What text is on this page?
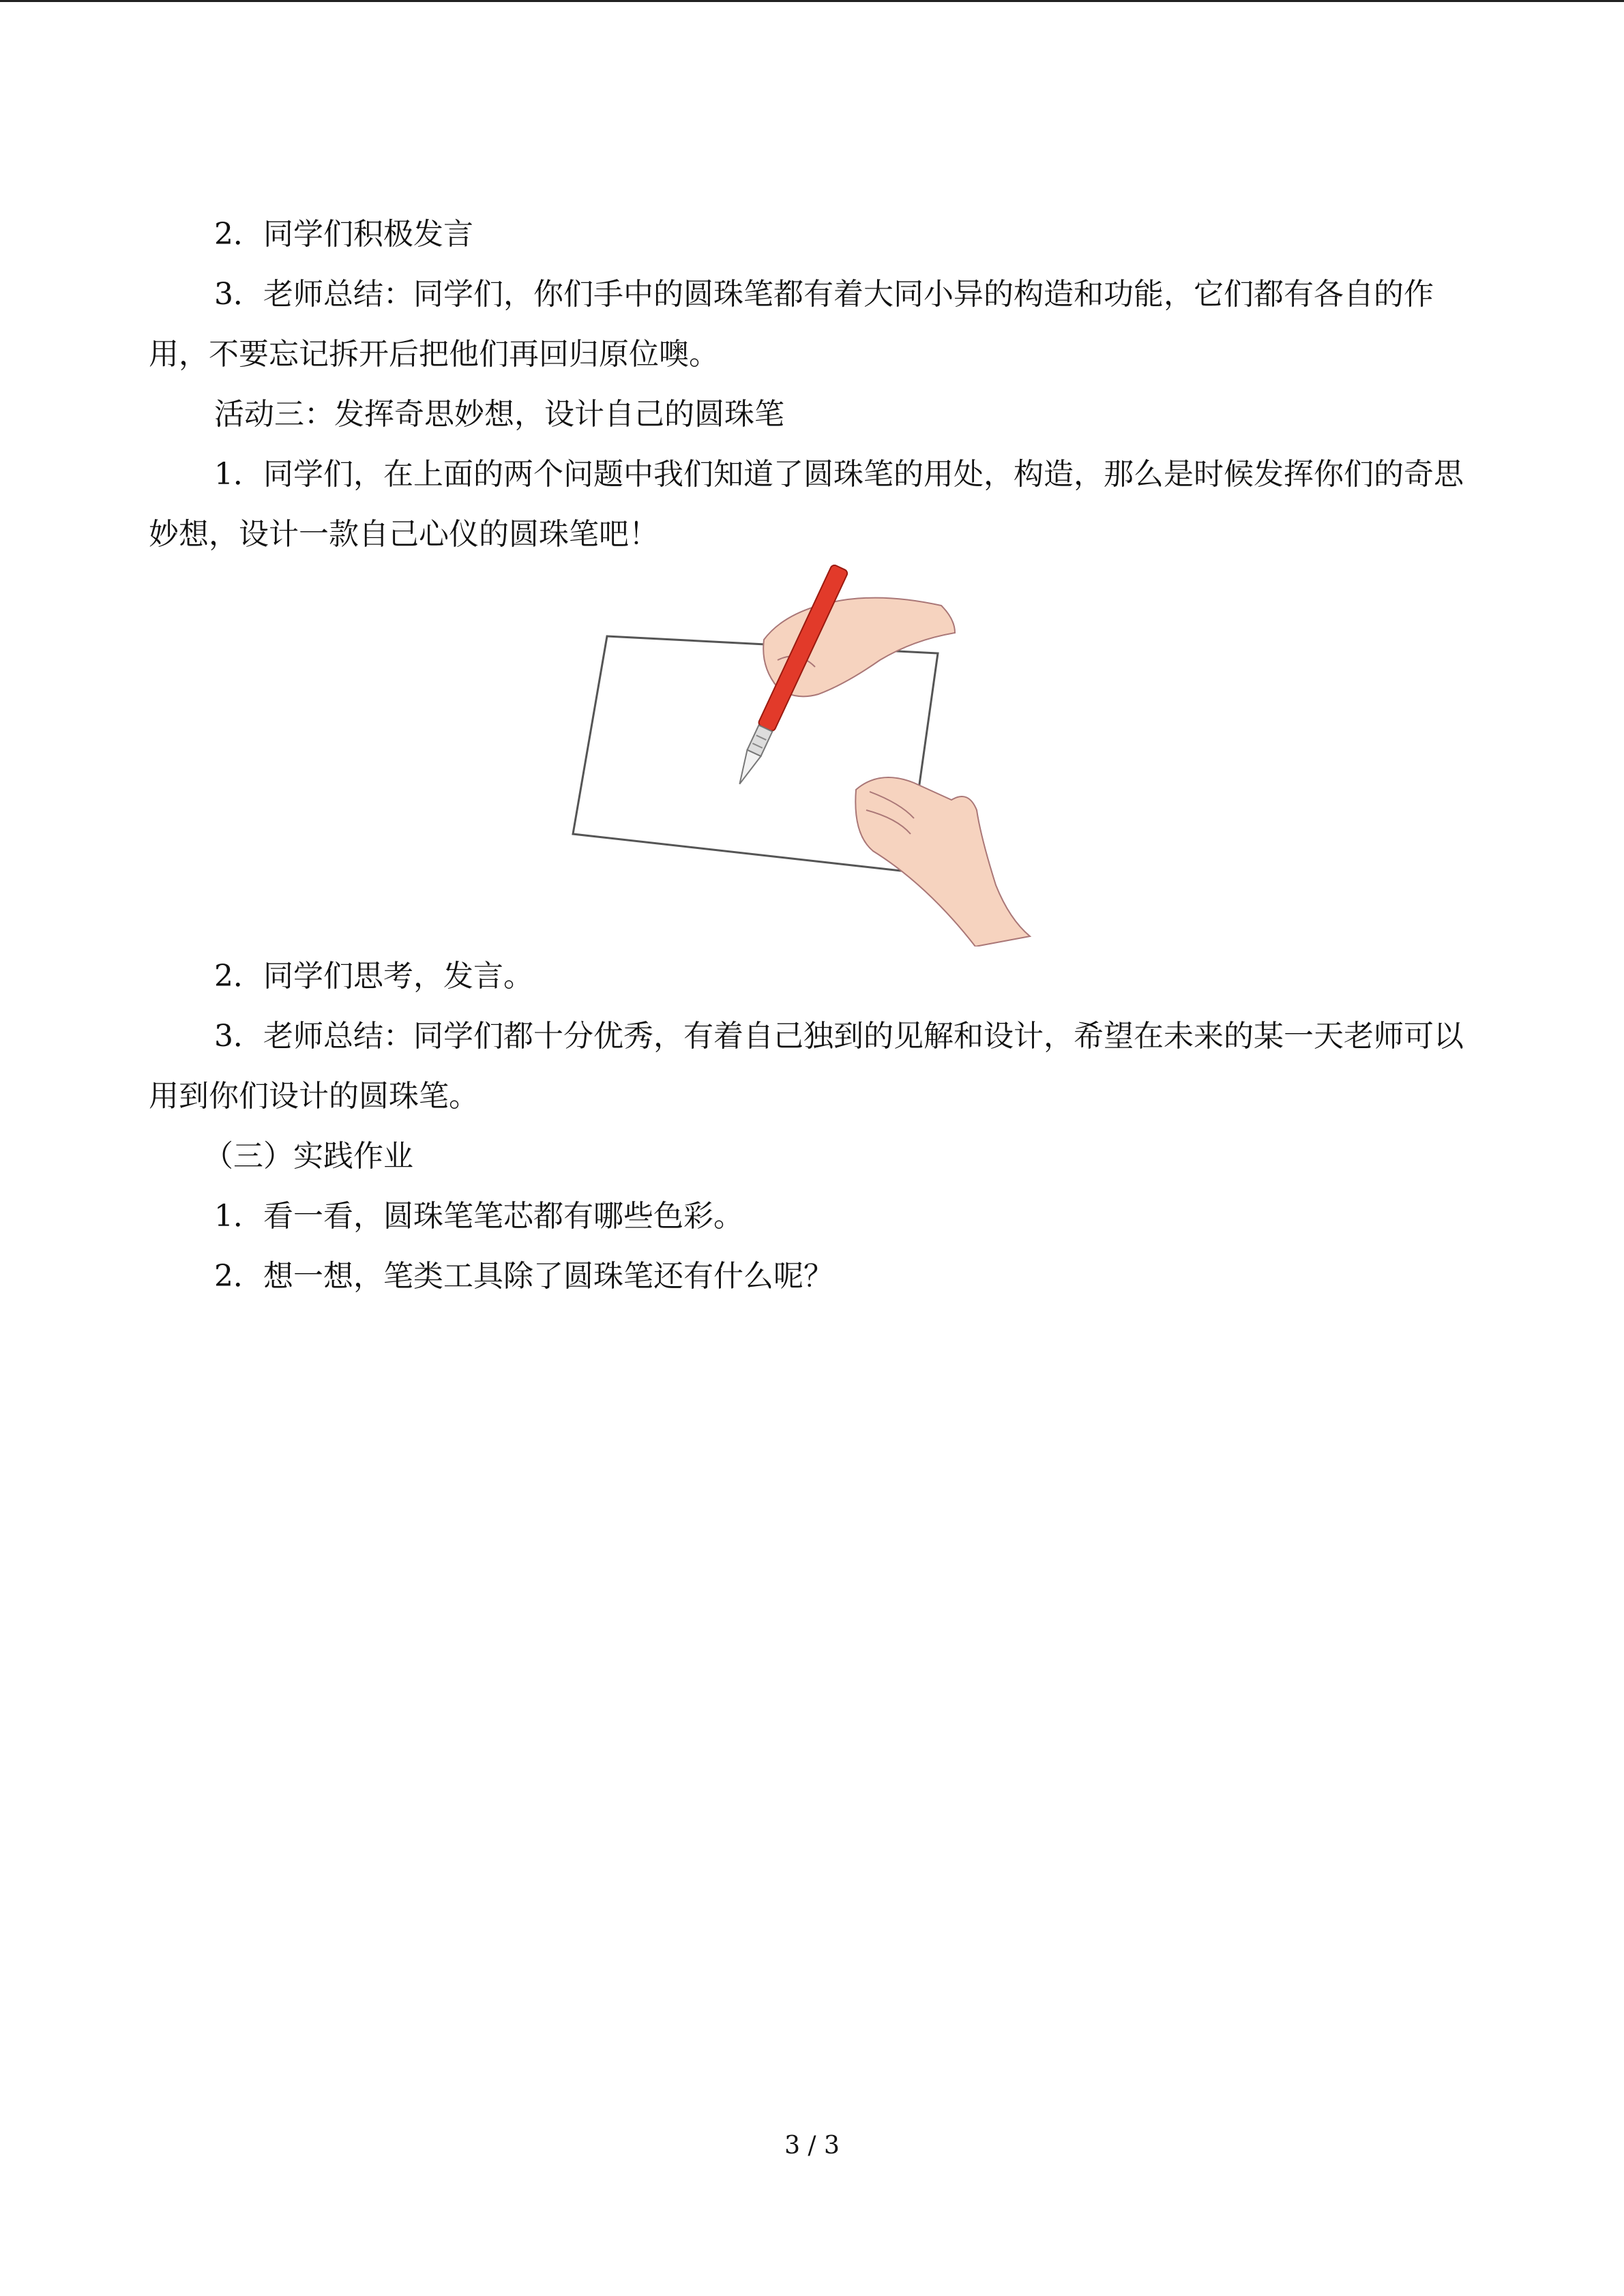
2．同学们积极发言

3．老师总结：同学们，你们手中的圆珠笔都有着大同小异的构造和功能，它们都有各自的作用，不要忘记拆开后把他们再回归原位噢。

活动三：发挥奇思妙想，设计自己的圆珠笔

1．同学们，在上面的两个问题中我们知道了圆珠笔的用处，构造，那么是时候发挥你们的奇思妙想，设计一款自己心仪的圆珠笔吧！

2．同学们思考，发言。

3．老师总结：同学们都十分优秀，有着自己独到的见解和设计，希望在未来的某一天老师可以用到你们设计的圆珠笔。

（三）实践作业

1．看一看，圆珠笔笔芯都有哪些色彩。

2．想一想，笔类工具除了圆珠笔还有什么呢？

3 / 3
